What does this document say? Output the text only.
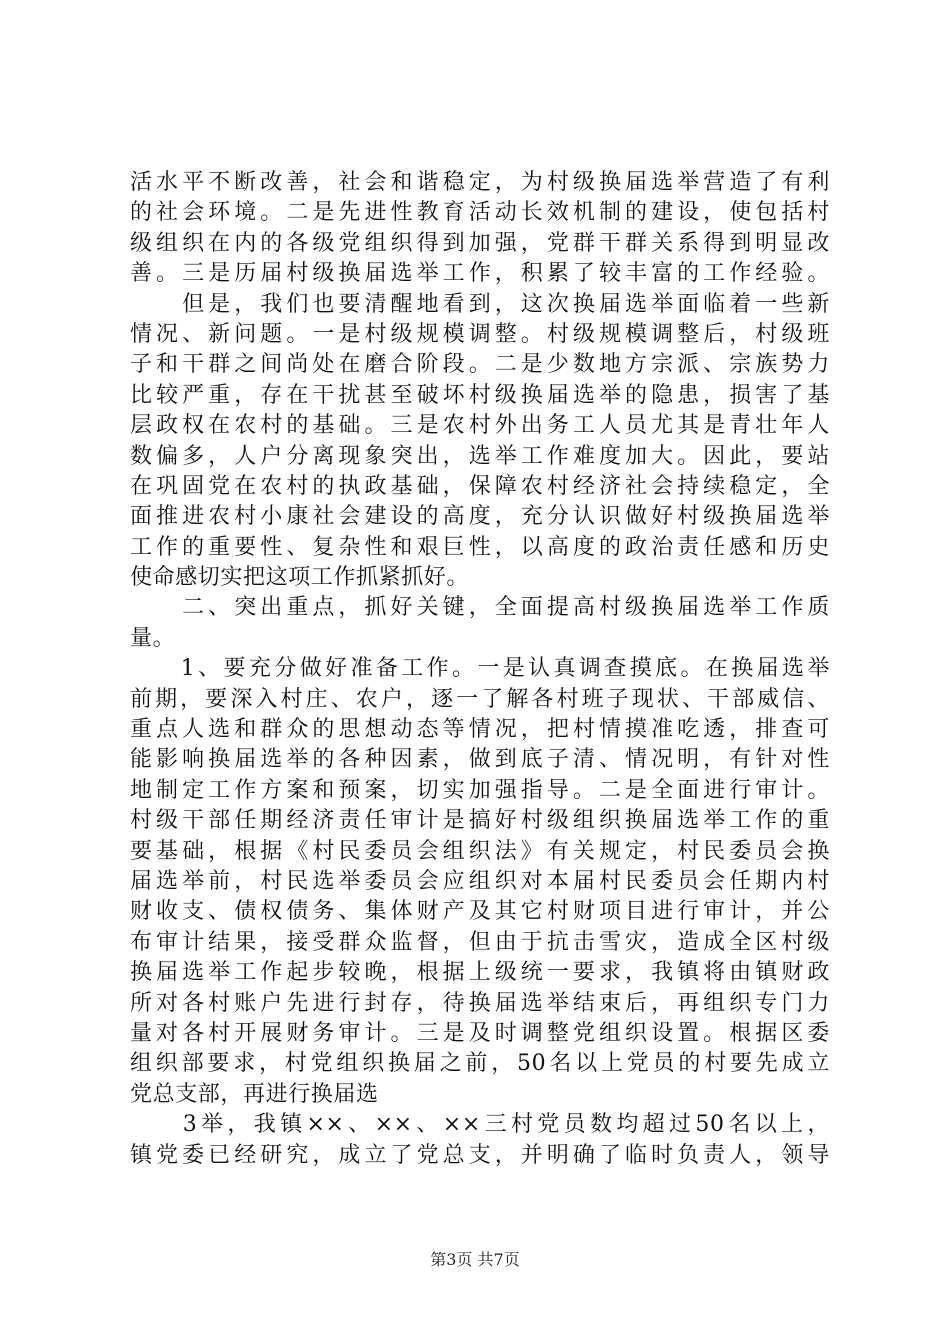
活水平不断改善，社会和谐稳定，为村级换届选举营造了有利
的社会环境。二是先进性教育活动长效机制的建设，使包括村
级组织在内的各级党组织得到加强，党群干群关系得到明显改
善。三是历届村级换届选举工作，积累了较丰富的工作经验。
　　但是，我们也要清醒地看到，这次换届选举面临着一些新
情况、新问题。一是村级规模调整。村级规模调整后，村级班
子和干群之间尚处在磨合阶段。二是少数地方宗派、宗族势力
比较严重，存在干扰甚至破坏村级换届选举的隐患，损害了基
层政权在农村的基础。三是农村外出务工人员尤其是青壮年人
数偏多，人户分离现象突出，选举工作难度加大。因此，要站
在巩固党在农村的执政基础，保障农村经济社会持续稳定，全
面推进农村小康社会建设的高度，充分认识做好村级换届选举
工作的重要性、复杂性和艰巨性，以高度的政治责任感和历史
使命感切实把这项工作抓紧抓好。
　　二、突出重点，抓好关键，全面提高村级换届选举工作质
量。
　　1、要充分做好准备工作。一是认真调查摸底。在换届选举
前期，要深入村庄、农户，逐一了解各村班子现状、干部威信、
重点人选和群众的思想动态等情况，把村情摸准吃透，排查可
能影响换届选举的各种因素，做到底子清、情况明，有针对性
地制定工作方案和预案，切实加强指导。二是全面进行审计。
村级干部任期经济责任审计是搞好村级组织换届选举工作的重
要基础，根据《村民委员会组织法》有关规定，村民委员会换
届选举前，村民选举委员会应组织对本届村民委员会任期内村
财收支、债权债务、集体财产及其它村财项目进行审计，并公
布审计结果，接受群众监督，但由于抗击雪灾，造成全区村级
换届选举工作起步较晚，根据上级统一要求，我镇将由镇财政
所对各村账户先进行封存，待换届选举结束后，再组织专门力
量对各村开展财务审计。三是及时调整党组织设置。根据区委
组织部要求，村党组织换届之前，50名以上党员的村要先成立
党总支部，再进行换届选
　　3举，我镇××、××、××三村党员数均超过50名以上，
镇党委已经研究，成立了党总支，并明确了临时负责人，领导
第3页 共7页
